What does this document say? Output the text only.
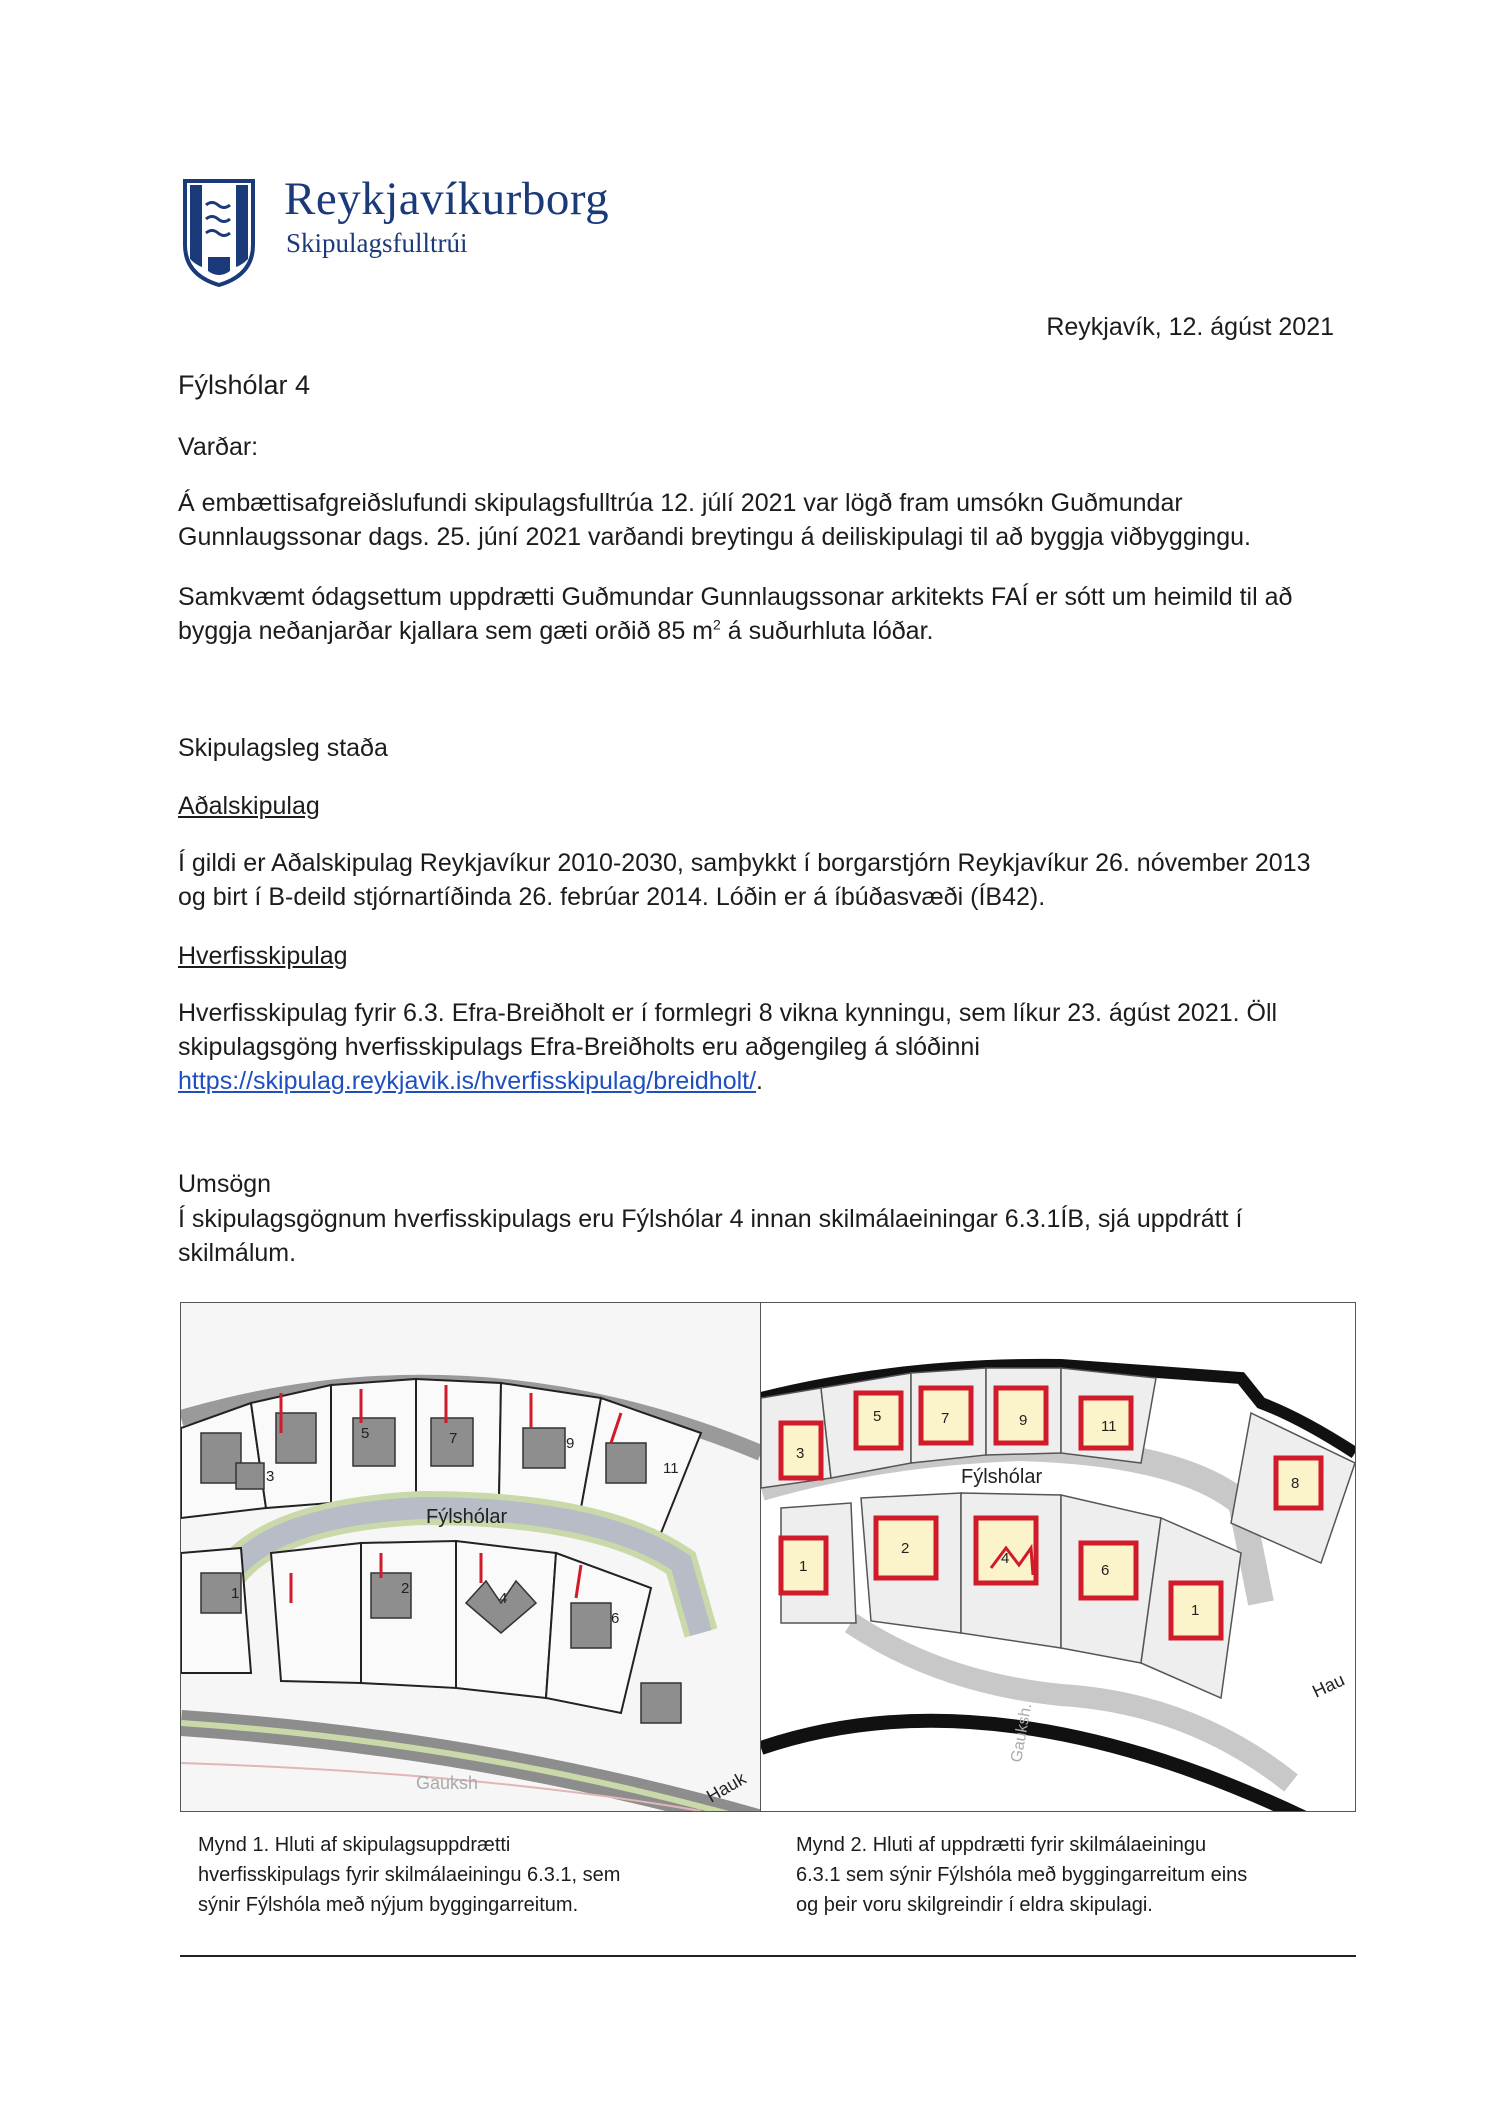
Reykjavíkurborg
Skipulagsfulltrúi
Reykjavík, 12. ágúst 2021
Fýlshólar 4
Varðar:
Á embættisafgreiðslufundi skipulagsfulltrúa 12. júlí 2021 var lögð fram umsókn Guðmundar
Gunnlaugssonar dags. 25. júní 2021 varðandi breytingu á deiliskipulagi til að byggja viðbyggingu.
Samkvæmt ódagsettum uppdrætti Guðmundar Gunnlaugssonar arkitekts FAÍ er sótt um heimild til að
byggja neðanjarðar kjallara sem gæti orðið 85 $m^2$ á suðurhluta lóðar.
Skipulagsleg staða
Aðalskipulag
Í gildi er Aðalskipulag Reykjavíkur 2010-2030, samþykkt í borgarstjórn Reykjavíkur 26. nóvember 2013
og birt í B-deild stjórnartíðinda 26. febrúar 2014. Lóðin er á íbúðasvæði (ÍB42).
Hverfisskipulag
Hverfisskipulag fyrir 6.3. Efra-Breiðholt er í formlegri 8 vikna kynningu, sem líkur 23. ágúst 2021. Öll
skipulagsgöng hverfisskipulags Efra-Breiðholts eru aðgengileg á slóðinni
https://skipulag.reykjavik.is/hverfisskipulag/breidholt/.
Umsögn
Í skipulagsgögnum hverfisskipulags eru Fýlshólar 4 innan skilmálaeiningar 6.3.1ÍB, sjá uppdrátt í
skilmálum.
Fýlshólar
Gauksh	Hauk
3
5	7	9
11
1	2
4
6
Fýlshólar
Gauksh.
Hau
3
5	7	9	11
1
2
4
6
8
1
Mynd 1. Hluti af skipulagsuppdrætti
hverfisskipulags fyrir skilmálaeiningu 6.3.1, sem
sýnir Fýlshóla með nýjum byggingarreitum.
Mynd 2. Hluti af uppdrætti fyrir skilmálaeiningu
6.3.1 sem sýnir Fýlshóla með byggingarreitum eins
og þeir voru skilgreindir í eldra skipulagi.
